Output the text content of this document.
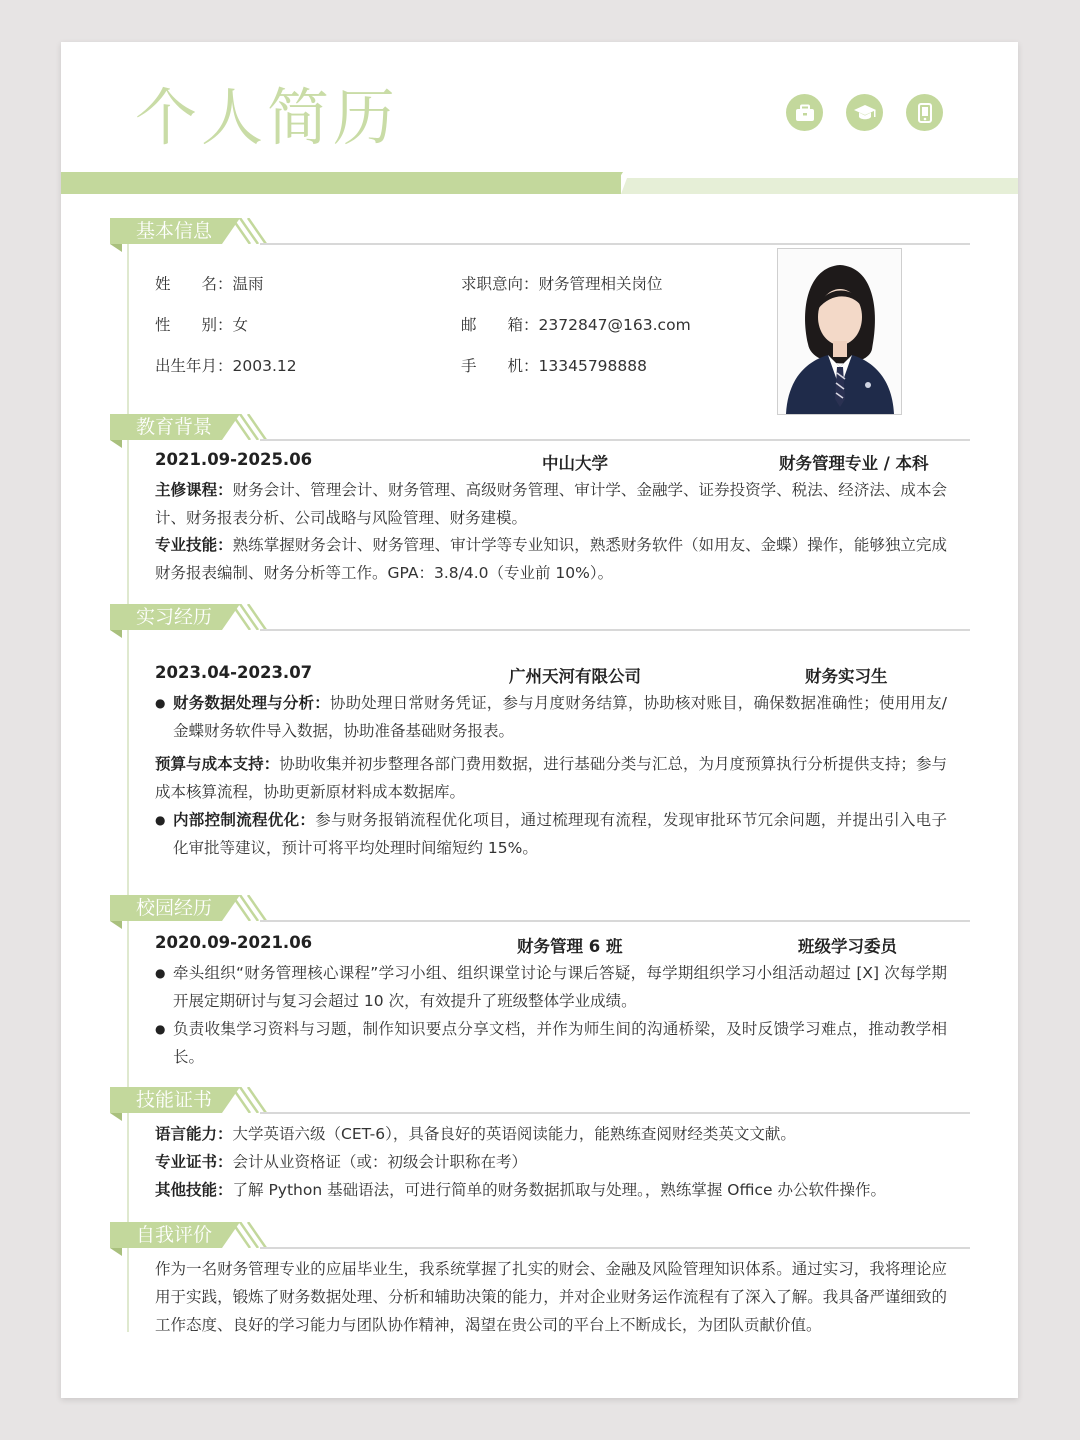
个人简历
基本信息
姓　　名：温雨
性　　别：女
出生年月：2003.12
求职意向：财务管理相关岗位
邮　　箱：2372847@163.com
手　　机：13345798888
教育背景
2021.09-2025.06	中山大学	财务管理专业 / 本科
主修课程：财务会计、管理会计、财务管理、高级财务管理、审计学、金融学、证券投资学、税法、经济法、成本会计、财务报表分析、公司战略与风险管理、财务建模。
专业技能：熟练掌握财务会计、财务管理、审计学等专业知识，熟悉财务软件（如用友、金蝶）操作，能够独立完成财务报表编制、财务分析等工作。GPA：3.8/4.0（专业前 10%）。
实习经历
2023.04-2023.07	广州天河有限公司	财务实习生
● 财务数据处理与分析：协助处理日常财务凭证，参与月度财务结算，协助核对账目，确保数据准确性；使用用友/金蝶财务软件导入数据，协助准备基础财务报表。
预算与成本支持：协助收集并初步整理各部门费用数据，进行基础分类与汇总，为月度预算执行分析提供支持；参与成本核算流程，协助更新原材料成本数据库。
● 内部控制流程优化：参与财务报销流程优化项目，通过梳理现有流程，发现审批环节冗余问题，并提出引入电子化审批等建议，预计可将平均处理时间缩短约 15%。
校园经历
2020.09-2021.06	财务管理 6 班	班级学习委员
● 牵头组织“财务管理核心课程”学习小组、组织课堂讨论与课后答疑，每学期组织学习小组活动超过 [X] 次每学期开展定期研讨与复习会超过 10 次，有效提升了班级整体学业成绩。
● 负责收集学习资料与习题，制作知识要点分享文档，并作为师生间的沟通桥梁，及时反馈学习难点，推动教学相长。
技能证书
语言能力：大学英语六级（CET-6），具备良好的英语阅读能力，能熟练查阅财经类英文文献。
专业证书：会计从业资格证（或：初级会计职称在考）
其他技能：了解 Python 基础语法，可进行简单的财务数据抓取与处理。，熟练掌握 Office 办公软件操作。
自我评价
作为一名财务管理专业的应届毕业生，我系统掌握了扎实的财会、金融及风险管理知识体系。通过实习，我将理论应用于实践，锻炼了财务数据处理、分析和辅助决策的能力，并对企业财务运作流程有了深入了解。我具备严谨细致的工作态度、良好的学习能力与团队协作精神，渴望在贵公司的平台上不断成长，为团队贡献价值。
